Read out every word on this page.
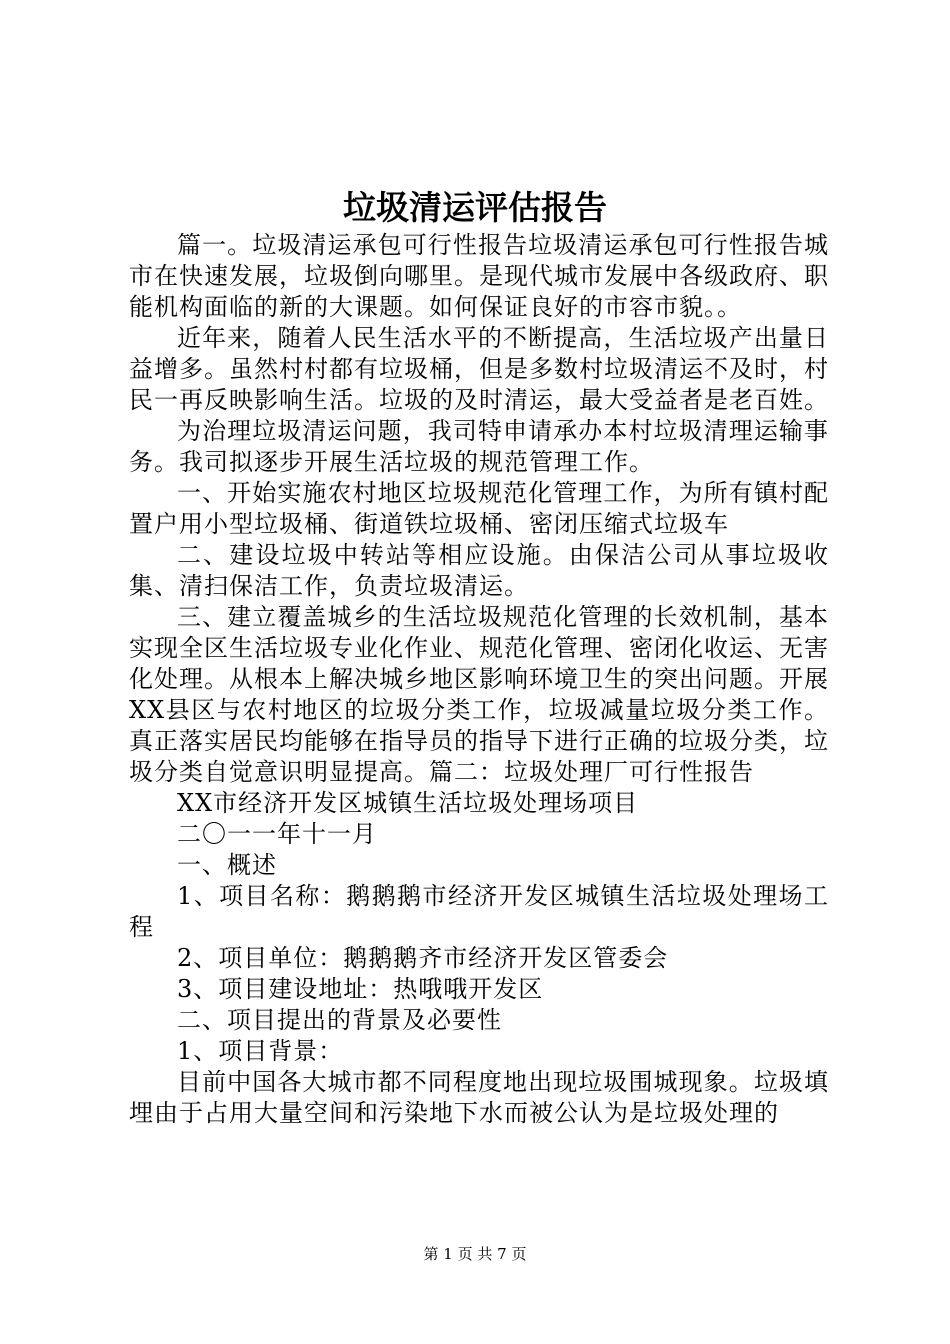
垃圾清运评估报告

篇一。垃圾清运承包可行性报告垃圾清运承包可行性报告城市在快速发展，垃圾倒向哪里。是现代城市发展中各级政府、职能机构面临的新的大课题。如何保证良好的市容市貌。。

近年来，随着人民生活水平的不断提高，生活垃圾产出量日益增多。虽然村村都有垃圾桶，但是多数村垃圾清运不及时，村民一再反映影响生活。垃圾的及时清运，最大受益者是老百姓。

为治理垃圾清运问题，我司特申请承办本村垃圾清理运输事务。我司拟逐步开展生活垃圾的规范管理工作。

一、开始实施农村地区垃圾规范化管理工作，为所有镇村配置户用小型垃圾桶、街道铁垃圾桶、密闭压缩式垃圾车

二、建设垃圾中转站等相应设施。由保洁公司从事垃圾收集、清扫保洁工作，负责垃圾清运。

三、建立覆盖城乡的生活垃圾规范化管理的长效机制，基本实现全区生活垃圾专业化作业、规范化管理、密闭化收运、无害化处理。从根本上解决城乡地区影响环境卫生的突出问题。开展XX县区与农村地区的垃圾分类工作，垃圾减量垃圾分类工作。真正落实居民均能够在指导员的指导下进行正确的垃圾分类，垃圾分类自觉意识明显提高。篇二：垃圾处理厂可行性报告

XX市经济开发区城镇生活垃圾处理场项目

二〇一一年十一月

一、概述

1、项目名称：鹅鹅鹅市经济开发区城镇生活垃圾处理场工程

2、项目单位：鹅鹅鹅齐市经济开发区管委会

3、项目建设地址：热哦哦开发区

二、项目提出的背景及必要性

1、项目背景：

目前中国各大城市都不同程度地出现垃圾围城现象。垃圾填埋由于占用大量空间和污染地下水而被公认为是垃圾处理的

第 1 页 共 7 页
